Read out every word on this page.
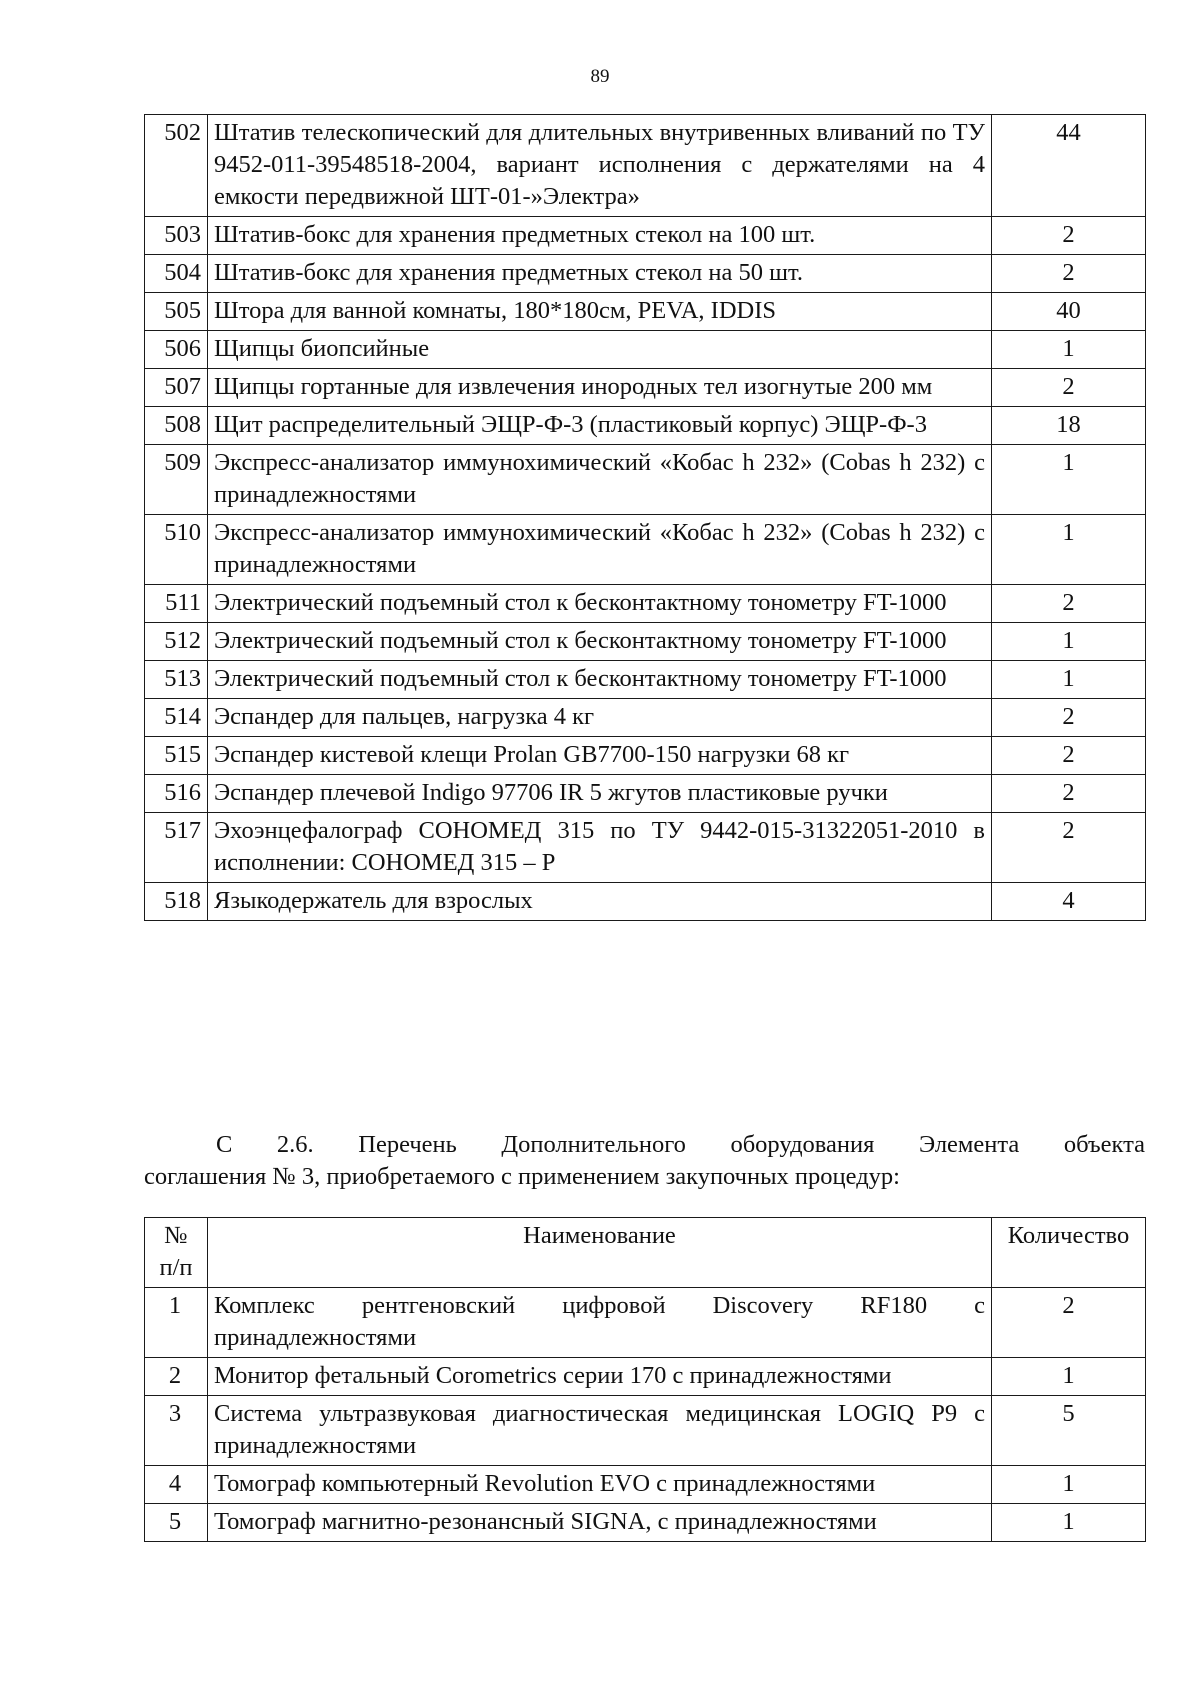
89
502	Штатив телескопический для длительных внутривенных вливаний по ТУ 9452-011-39548518-2004, вариант исполнения с держателями на 4 емкости передвижной ШТ-01-»Электра»	44
503	Штатив-бокс для хранения предметных стекол на 100 шт.	2
504	Штатив-бокс для хранения предметных стекол на 50 шт.	2
505	Штора для ванной комнаты, 180*180см, PEVA, IDDIS	40
506	Щипцы биопсийные	1
507	Щипцы гортанные для извлечения инородных тел изогнутые 200 мм	2
508	Щит распределительный ЭЩР-Ф-3 (пластиковый корпус) ЭЩР-Ф-3	18
509	Экспресс-анализатор иммунохимический «Кобас h 232» (Cobas h 232) с принадлежностями	1
510	Экспресс-анализатор иммунохимический «Кобас h 232» (Cobas h 232) с принадлежностями	1
511	Электрический подъемный стол к бесконтактному тонометру FT-1000	2
512	Электрический подъемный стол к бесконтактному тонометру FT-1000	1
513	Электрический подъемный стол к бесконтактному тонометру FT-1000	1
514	Эспандер для пальцев, нагрузка 4 кг	2
515	Эспандер кистевой клещи Prolan GB7700-150 нагрузки 68 кг	2
516	Эспандер плечевой Indigo 97706 IR 5 жгутов пластиковые ручки	2
517	Эхоэнцефалограф СОНОМЕД 315 по ТУ 9442-015-31322051-2010 в исполнении: СОНОМЕД 315 – Р	2
518	Языкодержатель для взрослых	4
С 2.6. Перечень Дополнительного оборудования Элемента объекта
соглашения № 3, приобретаемого с применением закупочных процедур:
№
п/п	Наименование	Количество
1	Комплекс рентгеновский цифровой Discovery RF180 с принадлежностями	2
2	Монитор фетальный Corometrics серии 170 с принадлежностями	1
3	Система ультразвуковая диагностическая медицинская LOGIQ P9 с принадлежностями	5
4	Томограф компьютерный Revolution EVO с принадлежностями	1
5	Томограф магнитно-резонансный SIGNA, с принадлежностями	1
